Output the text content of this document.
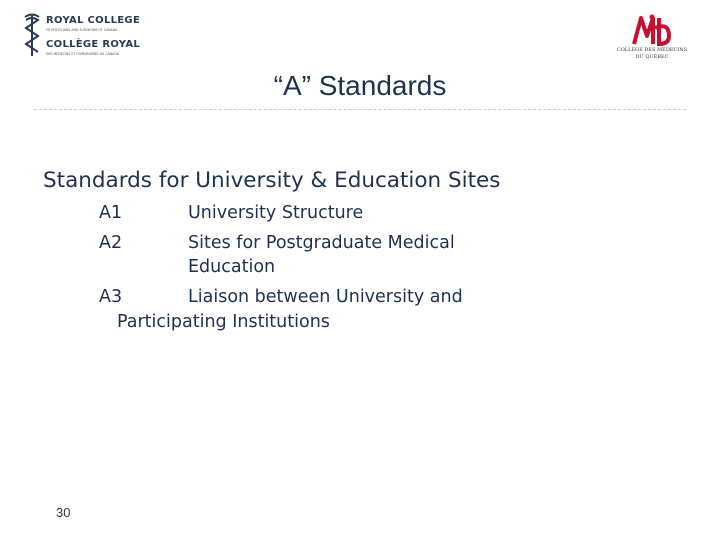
ROYAL COLLEGE
OF PHYSICIANS AND SURGEONS OF CANADA
COLLÈGE ROYAL
DES MÉDECINS ET CHIRURGIENS DU CANADA
COLLÈGE DES MÉDECINS
DU QUÉBEC
“A” Standards
Standards for University & Education Sites
A1	University Structure
A2	Sites for Postgraduate Medical
Education
A3	Liaison between University and
Participating Institutions
30
